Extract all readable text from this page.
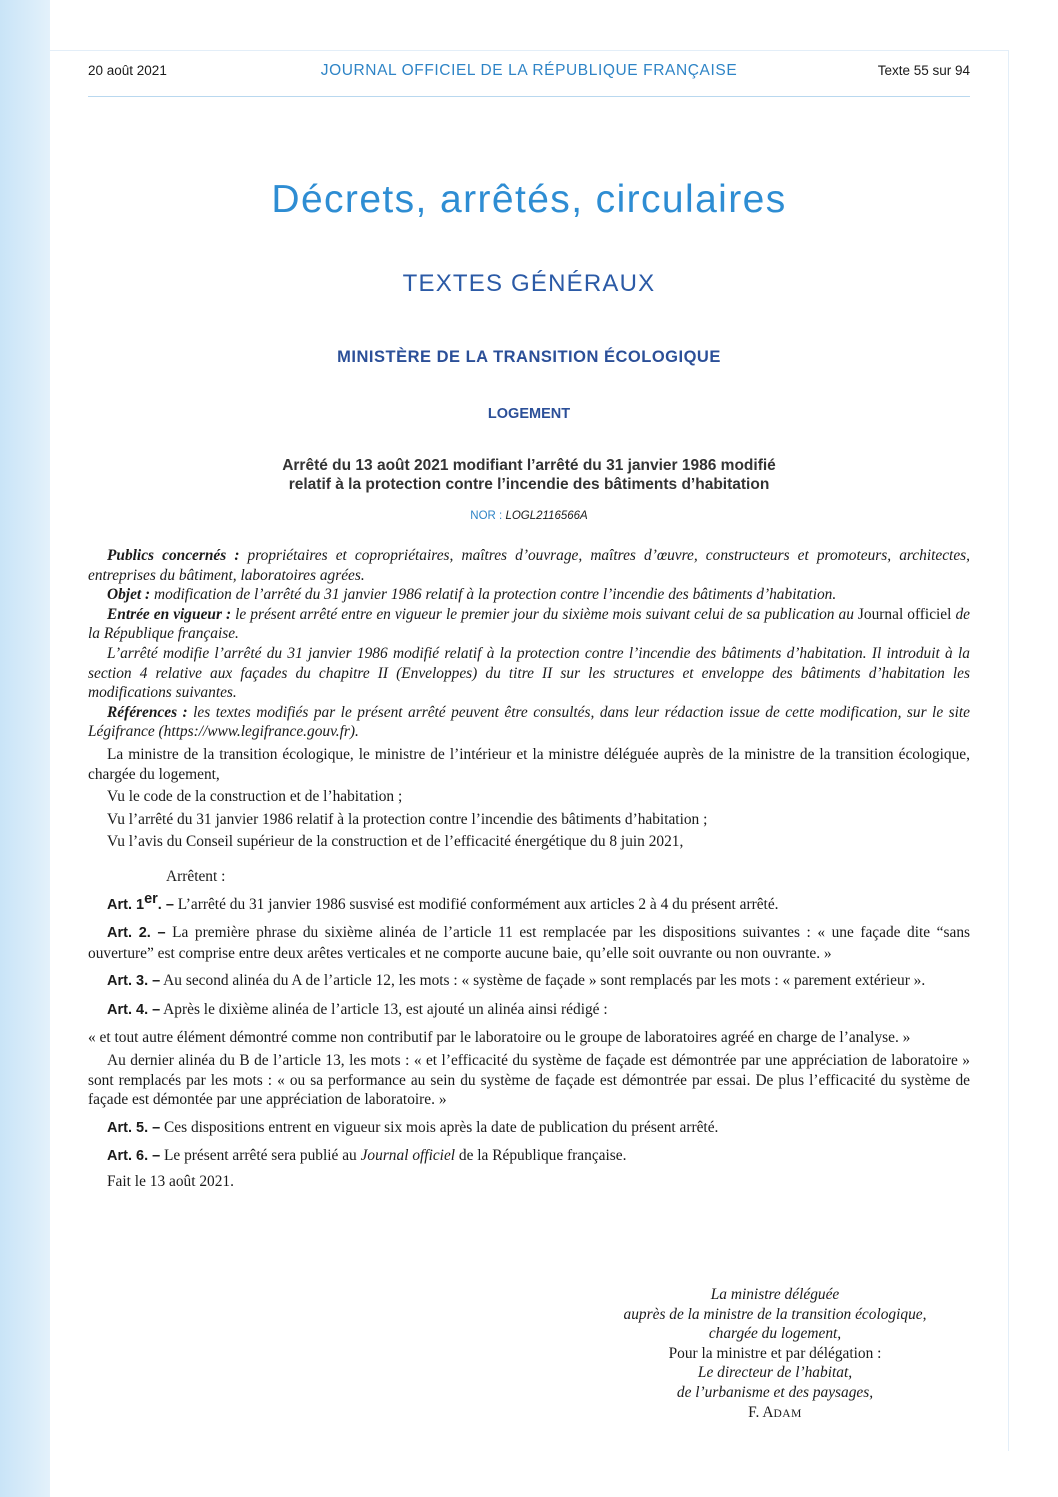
20 août 2021	JOURNAL OFFICIEL DE LA RÉPUBLIQUE FRANÇAISE	Texte 55 sur 94
Décrets, arrêtés, circulaires
TEXTES GÉNÉRAUX
MINISTÈRE DE LA TRANSITION ÉCOLOGIQUE
LOGEMENT
Arrêté du 13 août 2021 modifiant l’arrêté du 31 janvier 1986 modifié
relatif à la protection contre l’incendie des bâtiments d’habitation
NOR : LOGL2116566A

Publics concernés : propriétaires et copropriétaires, maîtres d’ouvrage, maîtres d’œuvre, constructeurs et promoteurs, architectes, entreprises du bâtiment, laboratoires agrées.

Objet : modification de l’arrêté du 31 janvier 1986 relatif à la protection contre l’incendie des bâtiments d’habitation.

Entrée en vigueur : le présent arrêté entre en vigueur le premier jour du sixième mois suivant celui de sa publication au Journal officiel de la République française.

L’arrêté modifie l’arrêté du 31 janvier 1986 modifié relatif à la protection contre l’incendie des bâtiments d’habitation. Il introduit à la section 4 relative aux façades du chapitre II (Enveloppes) du titre II sur les structures et enveloppe des bâtiments d’habitation les modifications suivantes.

Références : les textes modifiés par le présent arrêté peuvent être consultés, dans leur rédaction issue de cette modification, sur le site Légifrance (https://www.legifrance.gouv.fr).

La ministre de la transition écologique, le ministre de l’intérieur et la ministre déléguée auprès de la ministre de la transition écologique, chargée du logement,

Vu le code de la construction et de l’habitation ;

Vu l’arrêté du 31 janvier 1986 relatif à la protection contre l’incendie des bâtiments d’habitation ;

Vu l’avis du Conseil supérieur de la construction et de l’efficacité énergétique du 8 juin 2021,

Arrêtent :

Art. 1er. – L’arrêté du 31 janvier 1986 susvisé est modifié conformément aux articles 2 à 4 du présent arrêté.

Art. 2. – La première phrase du sixième alinéa de l’article 11 est remplacée par les dispositions suivantes : « une façade dite “sans ouverture” est comprise entre deux arêtes verticales et ne comporte aucune baie, qu’elle soit ouvrante ou non ouvrante. »

Art. 3. – Au second alinéa du A de l’article 12, les mots : « système de façade » sont remplacés par les mots : « parement extérieur ».

Art. 4. – Après le dixième alinéa de l’article 13, est ajouté un alinéa ainsi rédigé :

« et tout autre élément démontré comme non contributif par le laboratoire ou le groupe de laboratoires agréé en charge de l’analyse. »

Au dernier alinéa du B de l’article 13, les mots : « et l’efficacité du système de façade est démontrée par une appréciation de laboratoire » sont remplacés par les mots : « ou sa performance au sein du système de façade est démontrée par essai. De plus l’efficacité du système de façade est démontée par une appréciation de laboratoire. »

Art. 5. – Ces dispositions entrent en vigueur six mois après la date de publication du présent arrêté.

Art. 6. – Le présent arrêté sera publié au Journal officiel de la République française.

Fait le 13 août 2021.

La ministre déléguée
auprès de la ministre de la transition écologique,
chargée du logement,
Pour la ministre et par délégation :
Le directeur de l’habitat,
de l’urbanisme et des paysages,
F. ADAM
